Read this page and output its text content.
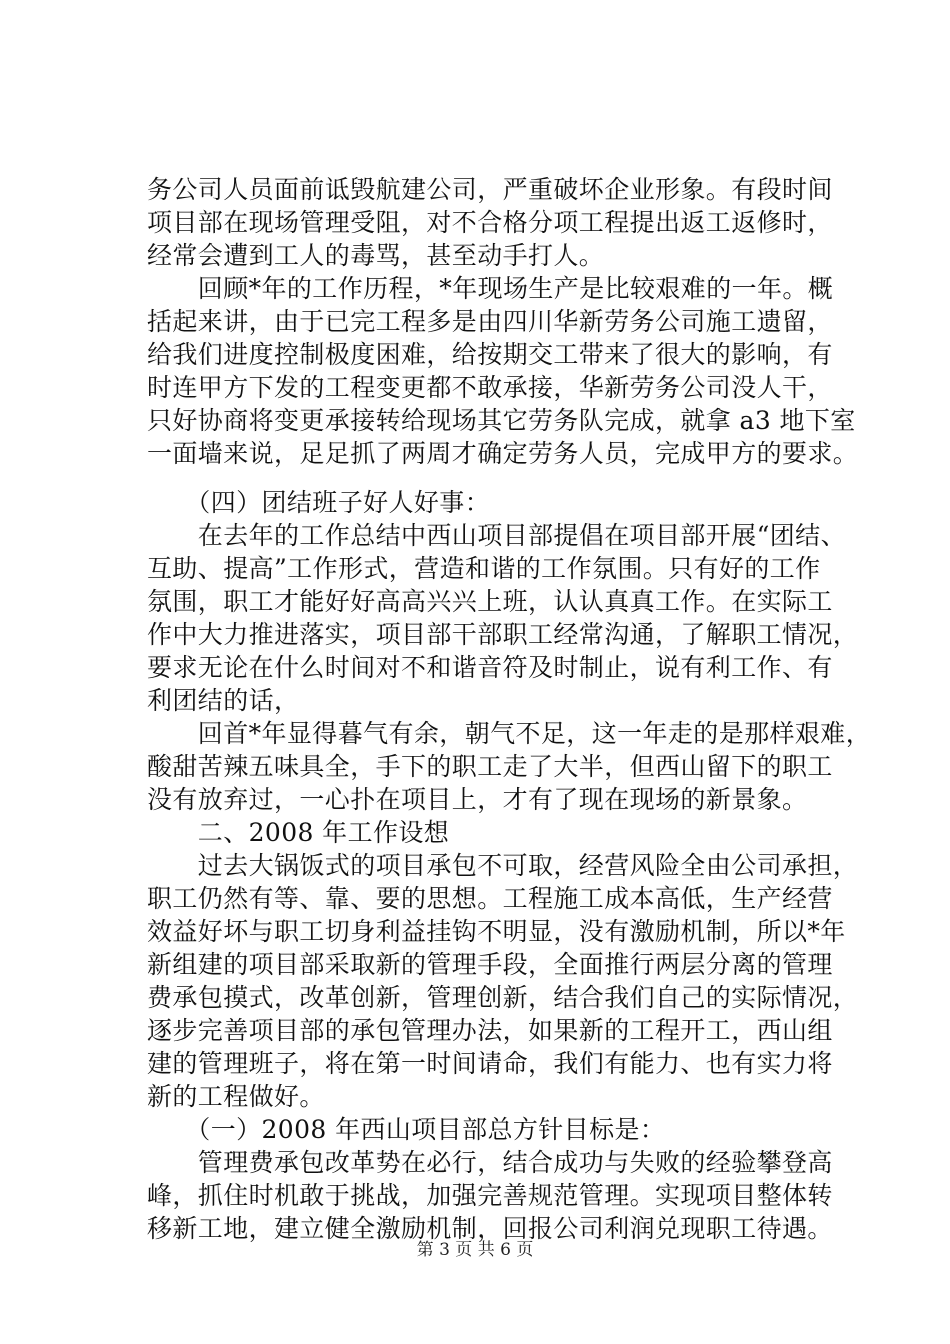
务公司人员面前诋毁航建公司，严重破坏企业形象。有段时间
项目部在现场管理受阻，对不合格分项工程提出返工返修时，
经常会遭到工人的毒骂，甚至动手打人。
　　回顾*年的工作历程，*年现场生产是比较艰难的一年。概
括起来讲，由于已完工程多是由四川华新劳务公司施工遗留，
给我们进度控制极度困难，给按期交工带来了很大的影响，有
时连甲方下发的工程变更都不敢承接，华新劳务公司没人干，
只好协商将变更承接转给现场其它劳务队完成，就拿 a3 地下室
一面墙来说，足足抓了两周才确定劳务人员，完成甲方的要求。
　　（四）团结班子好人好事：
　　在去年的工作总结中西山项目部提倡在项目部开展“团结、
互助、提高”工作形式，营造和谐的工作氛围。只有好的工作
氛围，职工才能好好高高兴兴上班，认认真真工作。在实际工
作中大力推进落实，项目部干部职工经常沟通，了解职工情况，
要求无论在什么时间对不和谐音符及时制止，说有利工作、有
利团结的话，
　　回首*年显得暮气有余，朝气不足，这一年走的是那样艰难，
酸甜苦辣五味具全，手下的职工走了大半，但西山留下的职工
没有放弃过，一心扑在项目上，才有了现在现场的新景象。
　　二、2008 年工作设想
　　过去大锅饭式的项目承包不可取，经营风险全由公司承担，
职工仍然有等、靠、要的思想。工程施工成本高低，生产经营
效益好坏与职工切身利益挂钩不明显，没有激励机制，所以*年
新组建的项目部采取新的管理手段，全面推行两层分离的管理
费承包摸式，改革创新，管理创新，结合我们自己的实际情况，
逐步完善项目部的承包管理办法，如果新的工程开工，西山组
建的管理班子，将在第一时间请命，我们有能力、也有实力将
新的工程做好。
　　（一）2008 年西山项目部总方针目标是：
　　管理费承包改革势在必行，结合成功与失败的经验攀登高
峰，抓住时机敢于挑战，加强完善规范管理。实现项目整体转
移新工地，建立健全激励机制，回报公司利润兑现职工待遇。
第 3 页 共 6 页
